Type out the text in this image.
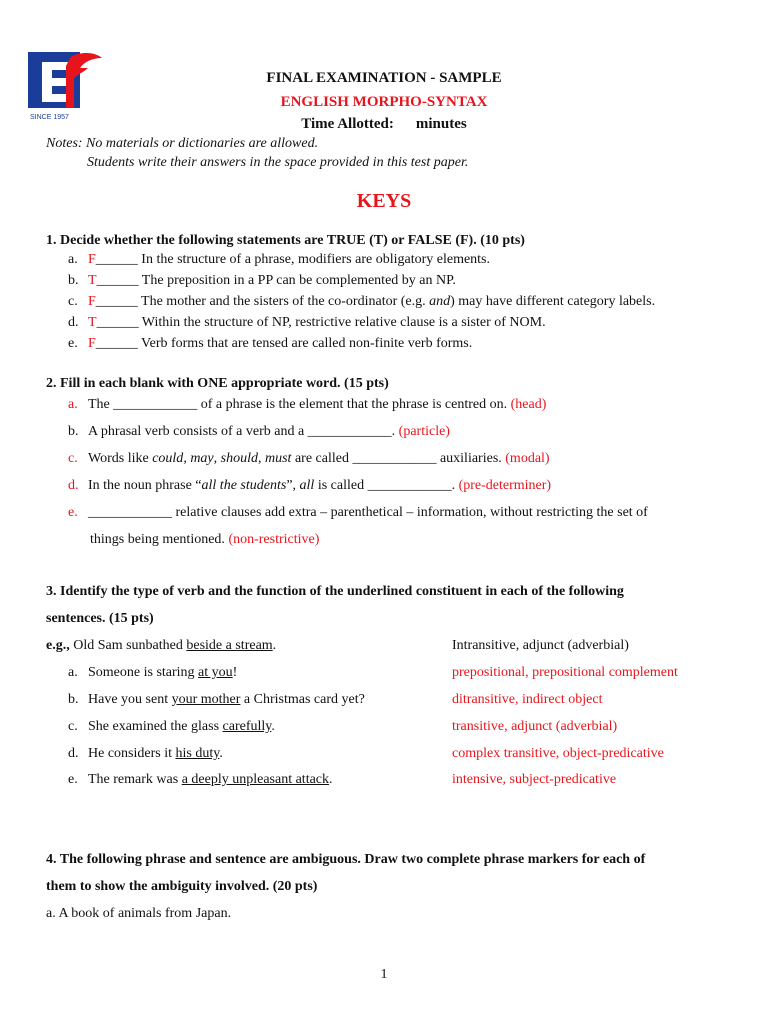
SINCE 1957
FINAL EXAMINATION - SAMPLE
ENGLISH MORPHO-SYNTAX
Time Allotted: minutes
Notes: No materials or dictionaries are allowed.
Students write their answers in the space provided in this test paper.
KEYS
1. Decide whether the following statements are TRUE (T) or FALSE (F). (10 pts)
a. F______ In the structure of a phrase, modifiers are obligatory elements.
b. T______ The preposition in a PP can be complemented by an NP.
c. F______ The mother and the sisters of the co-ordinator (e.g. and) may have different category labels.
d. T______ Within the structure of NP, restrictive relative clause is a sister of NOM.
e. F______ Verb forms that are tensed are called non-finite verb forms.
2. Fill in each blank with ONE appropriate word. (15 pts)
a. The ____________ of a phrase is the element that the phrase is centred on. (head)
b. A phrasal verb consists of a verb and a ____________. (particle)
c. Words like could, may, should, must are called ____________ auxiliaries. (modal)
d. In the noun phrase “all the students”, all is called ____________. (pre-determiner)
e. ____________ relative clauses add extra – parenthetical – information, without restricting the set of
things being mentioned. (non-restrictive)
3. Identify the type of verb and the function of the underlined constituent in each of the following
sentences. (15 pts)
e.g., Old Sam sunbathed beside a stream.	Intransitive, adjunct (adverbial)
a. Someone is staring at you!	prepositional, prepositional complement
b. Have you sent your mother a Christmas card yet?	ditransitive, indirect object
c. She examined the glass carefully.	transitive, adjunct (adverbial)
d. He considers it his duty.	complex transitive, object-predicative
e. The remark was a deeply unpleasant attack.	intensive, subject-predicative
4. The following phrase and sentence are ambiguous. Draw two complete phrase markers for each of
them to show the ambiguity involved. (20 pts)
a. A book of animals from Japan.
1
